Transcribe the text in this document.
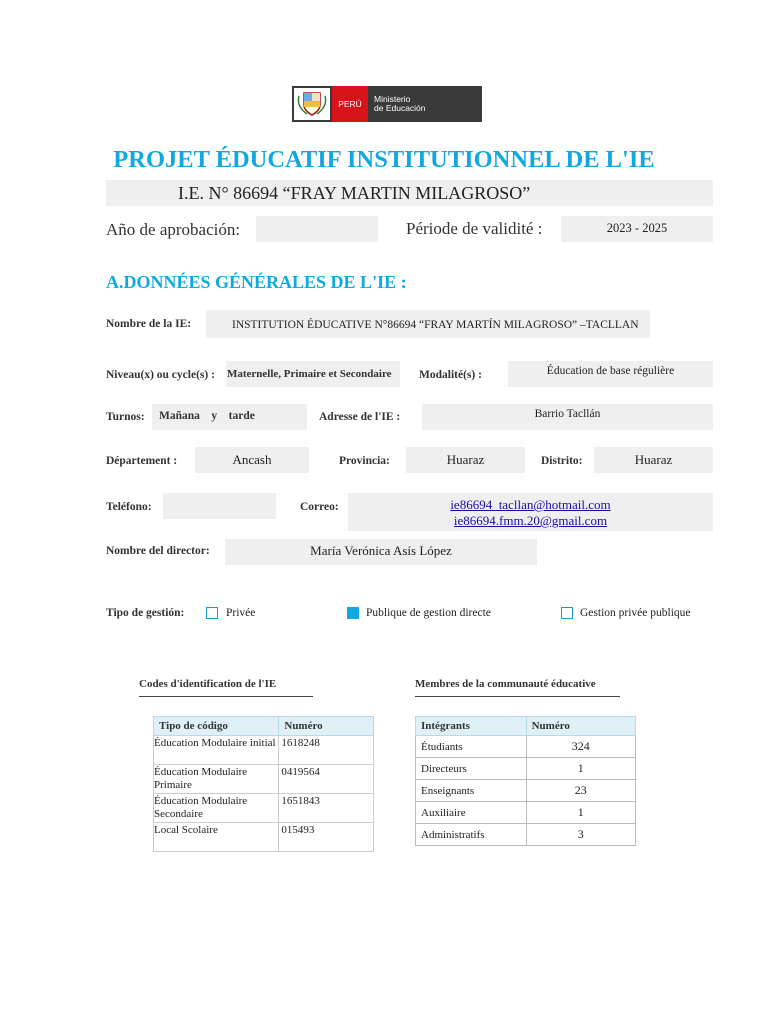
PERÚ	Ministerio
de Educación
PROJET ÉDUCATIF INSTITUTIONNEL DE L'IE
I.E. N° 86694 “FRAY MARTIN MILAGROSO”
Año de aprobación:	Période de validité :	2023 - 2025
A.DONNÉES GÉNÉRALES DE L'IE :
Nombre de la IE:	INSTITUTION ÉDUCATIVE N°86694 “FRAY MARTÍN MILAGROSO” –TACLLAN
Niveau(x) ou cycle(s) : Maternelle, Primaire et Secondaire Modalité(s) :	Éducation de base régulière
Turnos: Mañana    y    tarde	Adresse de l'IE :	Barrio Tacllán
Département :	Ancash	Provincia:	Huaraz	Distrito:	Huaraz
Teléfono:	Correo:	ie86694_tacllan@hotmail.com
ie86694.fmm.20@gmail.com
Nombre del director:	María Verónica Asís López
Tipo de gestión:	Privée	Publique de gestion directe	Gestion privée publique
Codes d'identification de l'IE
Tipo de código	Numéro
Éducation Modulaire initial	1618248
Éducation Modulaire Primaire	0419564
Éducation Modulaire Secondaire	1651843
Local Scolaire	015493
Membres de la communauté éducative
Intégrants	Numéro
Étudiants	324
Directeurs	1
Enseignants	23
Auxiliaire	1
Administratifs	3
